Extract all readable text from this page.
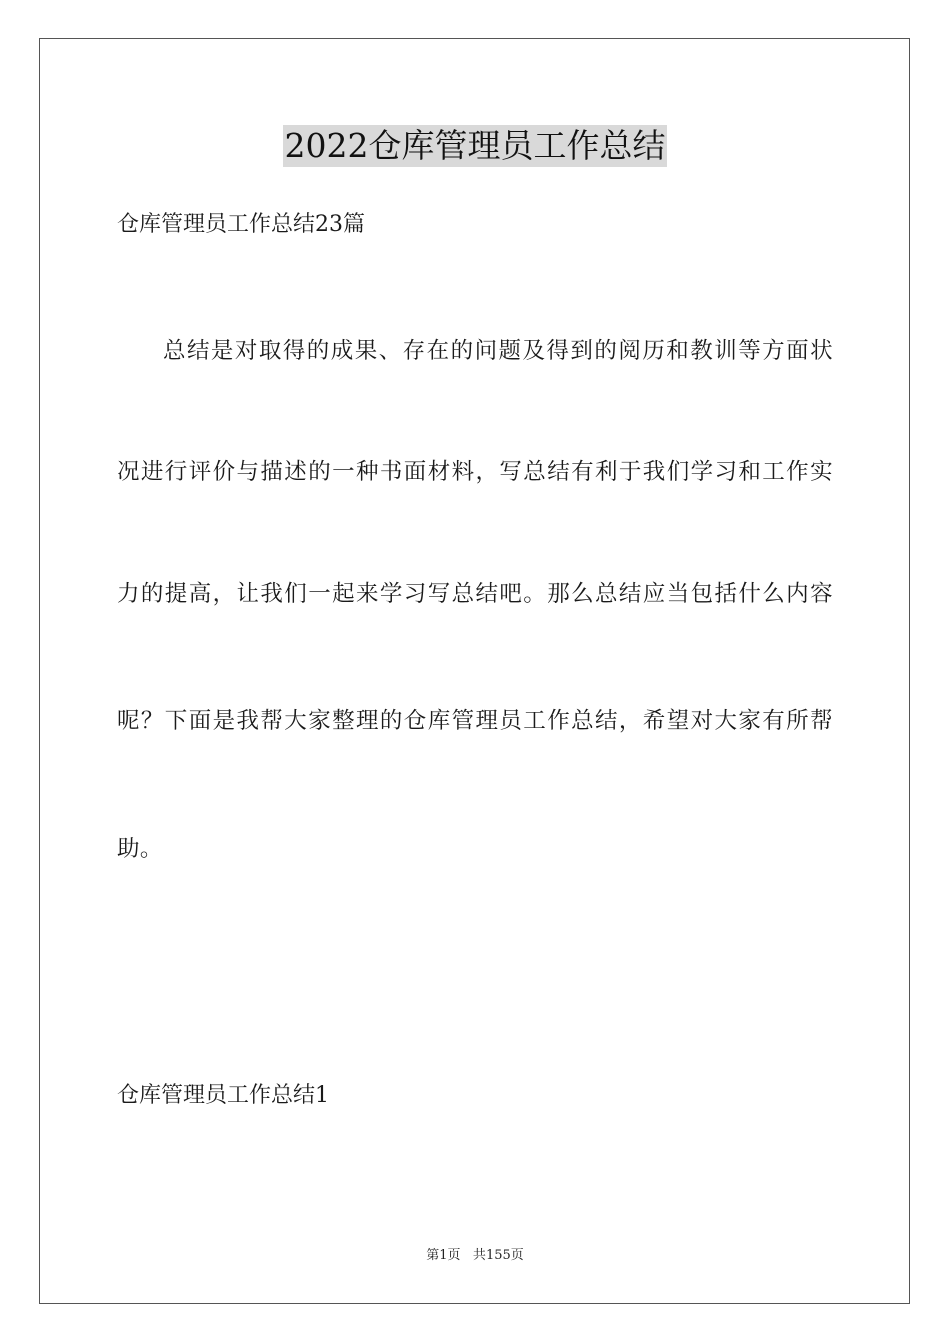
2022仓库管理员工作总结
仓库管理员工作总结23篇
总结是对取得的成果、存在的问题及得到的阅历和教训等方面状
况进行评价与描述的一种书面材料，写总结有利于我们学习和工作实
力的提高，让我们一起来学习写总结吧。那么总结应当包括什么内容
呢？下面是我帮大家整理的仓库管理员工作总结，希望对大家有所帮
助。
仓库管理员工作总结1
第1页 共155页
